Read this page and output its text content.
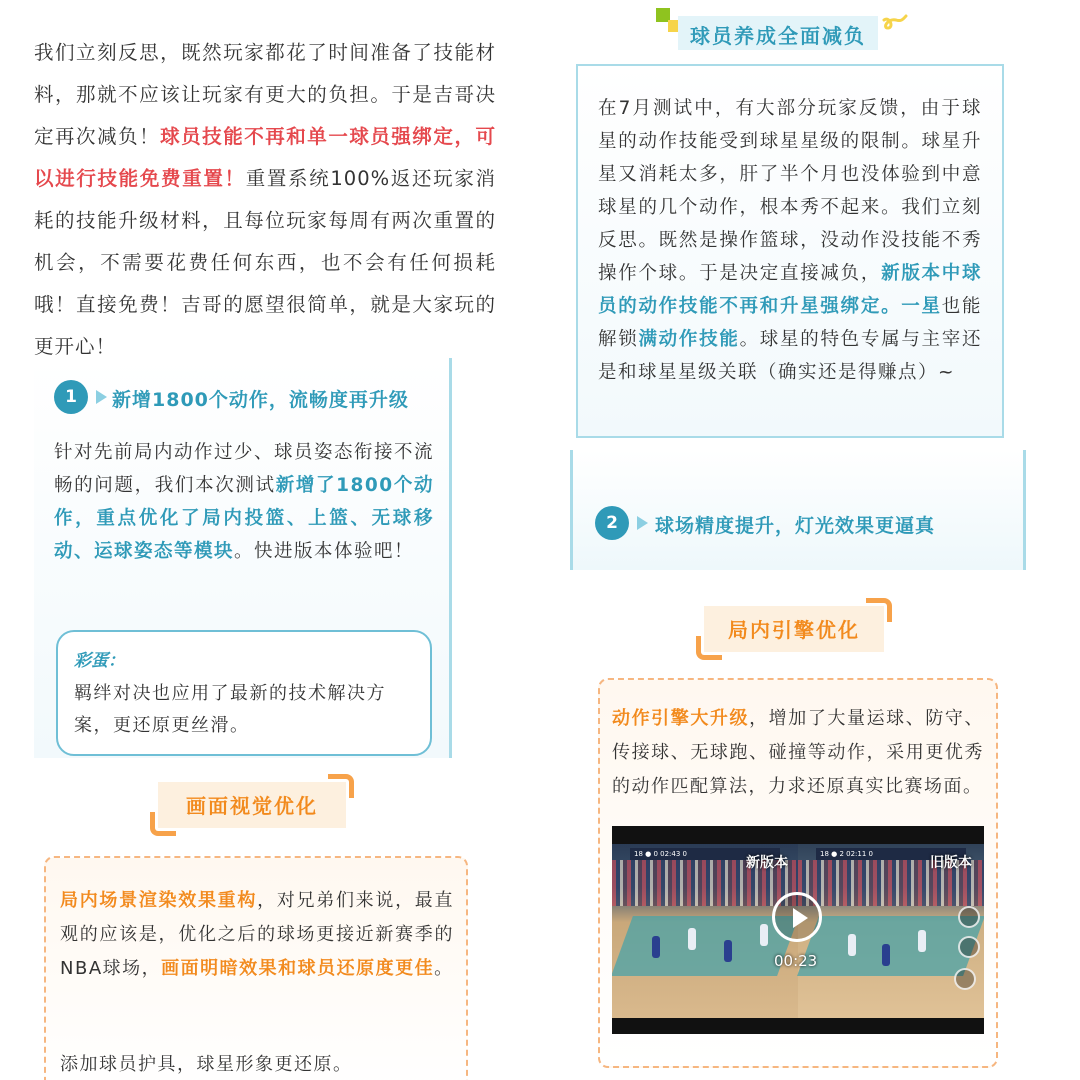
我们立刻反思，既然玩家都花了时间准备了技能材料，那就不应该让玩家有更大的负担。于是吉哥决定再次减负！球员技能不再和单一球员强绑定，可以进行技能免费重置！重置系统100%返还玩家消耗的技能升级材料，且每位玩家每周有两次重置的机会，不需要花费任何东西，也不会有任何损耗哦！直接免费！吉哥的愿望很简单，就是大家玩的更开心！
1	新增1800个动作，流畅度再升级
针对先前局内动作过少、球员姿态衔接不流畅的问题，我们本次测试新增了1800个动作，重点优化了局内投篮、上篮、无球移动、运球姿态等模块。快进版本体验吧！
彩蛋：
羁绊对决也应用了最新的技术解决方案，更还原更丝滑。
画面视觉优化
局内场景渲染效果重构，对兄弟们来说，最直观的应该是，优化之后的球场更接近新赛季的NBA球场，画面明暗效果和球员还原度更佳。
添加球员护具，球星形象更还原。
球员养成全面减负
在7月测试中，有大部分玩家反馈，由于球星的动作技能受到球星星级的限制。球星升星又消耗太多，肝了半个月也没体验到中意球星的几个动作，根本秀不起来。我们立刻反思。既然是操作篮球，没动作没技能不秀操作个球。于是决定直接减负，新版本中球员的动作技能不再和升星强绑定。一星也能解锁满动作技能。球星的特色专属与主宰还是和球星星级关联（确实还是得赚点）~
2	球场精度提升，灯光效果更逼真
局内引擎优化
动作引擎大升级，增加了大量运球、防守、传接球、无球跑、碰撞等动作，采用更优秀的动作匹配算法，力求还原真实比赛场面。
18 ● 0 02:43 0	18 ● 2 02:11 0
新版本	旧版本
00:23
